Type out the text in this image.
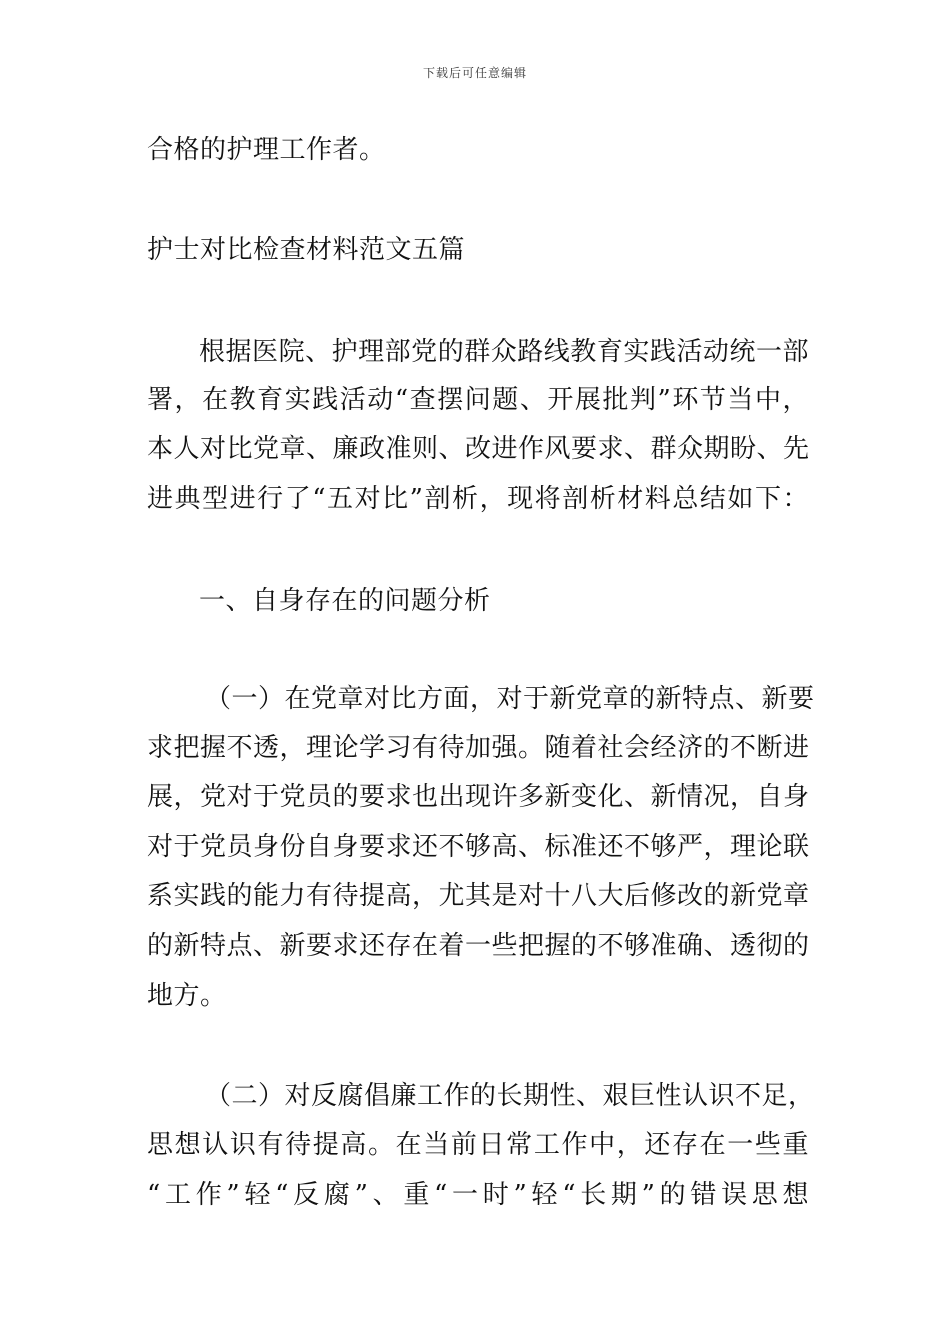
下载后可任意编辑
合格的护理工作者。
护士对比检查材料范文五篇
根据医院、护理部党的群众路线教育实践活动统一部
署，在教育实践活动“查摆问题、开展批判”环节当中，
本人对比党章、廉政准则、改进作风要求、群众期盼、先
进典型进行了“五对比”剖析，现将剖析材料总结如下：
一、自身存在的问题分析
（一）在党章对比方面，对于新党章的新特点、新要
求把握不透，理论学习有待加强。随着社会经济的不断进
展，党对于党员的要求也出现许多新变化、新情况，自身
对于党员身份自身要求还不够高、标准还不够严，理论联
系实践的能力有待提高，尤其是对十八大后修改的新党章
的新特点、新要求还存在着一些把握的不够准确、透彻的
地方。
（二）对反腐倡廉工作的长期性、艰巨性认识不足，
思想认识有待提高。在当前日常工作中，还存在一些重
“工作”轻“反腐”、重“一时”轻“长期”的错误思想
